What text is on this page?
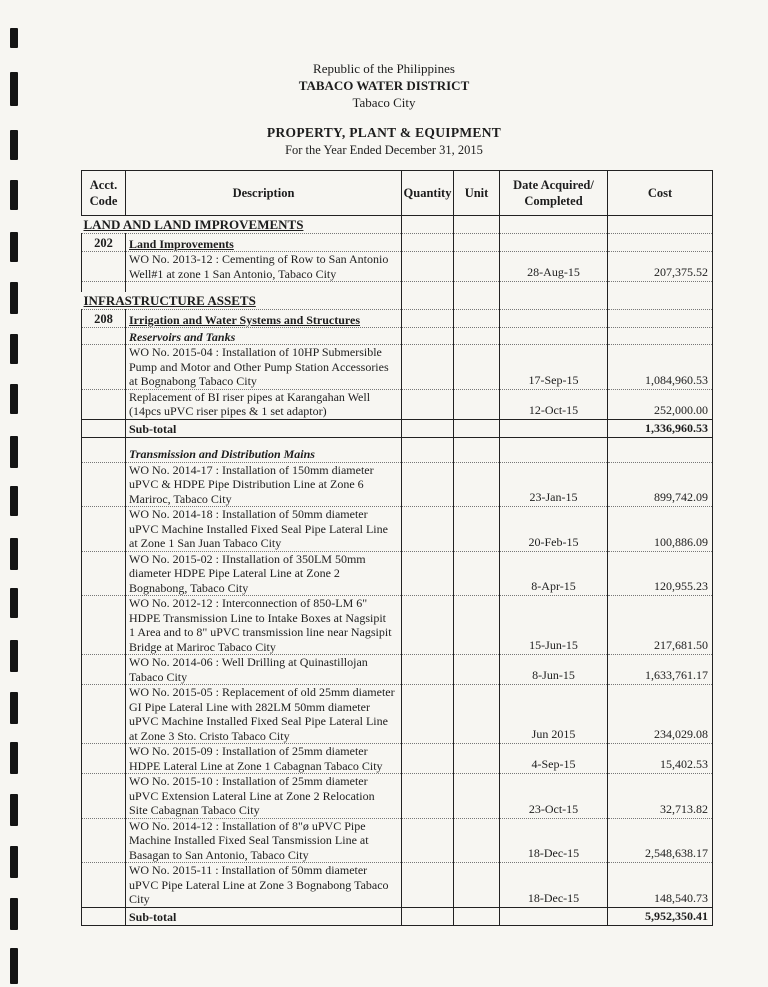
Republic of the Philippines
TABACO WATER DISTRICT
Tabaco City
PROPERTY, PLANT & EQUIPMENT
For the Year Ended December 31, 2015
Acct. Code	Description	Quantity	Unit	Date Acquired/ Completed	Cost
LAND AND LAND IMPROVEMENTS					
202	Land Improvements				

	WO No. 2013-12 : Cementing of Row to San Antonio
Well#1 at zone 1 San Antonio, Tabaco City			28-Aug-15	207,375.52

INFRASTRUCTURE ASSETS					
208	Irrigation and Water Systems and Structures				
	Reservoirs and Tanks				

	WO No. 2015-04 : Installation of 10HP Submersible
Pump and Motor and Other Pump Station Accessories
at Bognabong Tabaco City			17-Sep-15	1,084,960.53

	Replacement of BI riser pipes at Karangahan Well
(14pcs uPVC riser pipes & 1 set adaptor)			12-Oct-15	252,000.00
	Sub-total				1,336,960.53

	Transmission and Distribution Mains				

	WO No. 2014-17 : Installation of 150mm diameter
uPVC & HDPE Pipe Distribution Line at Zone 6
Mariroc, Tabaco City			23-Jan-15	899,742.09

	WO No. 2014-18 : Installation of 50mm diameter
uPVC Machine Installed Fixed Seal Pipe Lateral Line
at Zone 1 San Juan Tabaco City			20-Feb-15	100,886.09

	WO No. 2015-02 : IInstallation of 350LM 50mm
diameter HDPE Pipe Lateral Line at Zone 2
Bognabong, Tabaco City			8-Apr-15	120,955.23

	WO No. 2012-12 : Interconnection of 850-LM 6"
HDPE Transmission Line to Intake Boxes at Nagsipit
1 Area and to 8" uPVC transmission line near Nagsipit
Bridge at Mariroc Tabaco City			15-Jun-15	217,681.50

	WO No. 2014-06 : Well Drilling at Quinastillojan
Tabaco City			8-Jun-15	1,633,761.17

	WO No. 2015-05 : Replacement of old 25mm diameter
GI Pipe Lateral Line with 282LM 50mm diameter
uPVC Machine Installed Fixed Seal Pipe Lateral Line
at Zone 3 Sto. Cristo Tabaco City			Jun 2015	234,029.08

	WO No. 2015-09 : Installation of 25mm diameter
HDPE Lateral Line at Zone 1 Cabagnan Tabaco City			4-Sep-15	15,402.53

	WO No. 2015-10 : Installation of 25mm diameter
uPVC Extension Lateral Line at Zone 2 Relocation
Site Cabagnan Tabaco City			23-Oct-15	32,713.82

	WO No. 2014-12 : Installation of 8"ø uPVC Pipe
Machine Installed Fixed Seal Tansmission Line at
Basagan to San Antonio, Tabaco City			18-Dec-15	2,548,638.17

	WO No. 2015-11 : Installation of 50mm diameter
uPVC Pipe Lateral Line at Zone 3 Bognabong Tabaco
City			18-Dec-15	148,540.73
	Sub-total				5,952,350.41
